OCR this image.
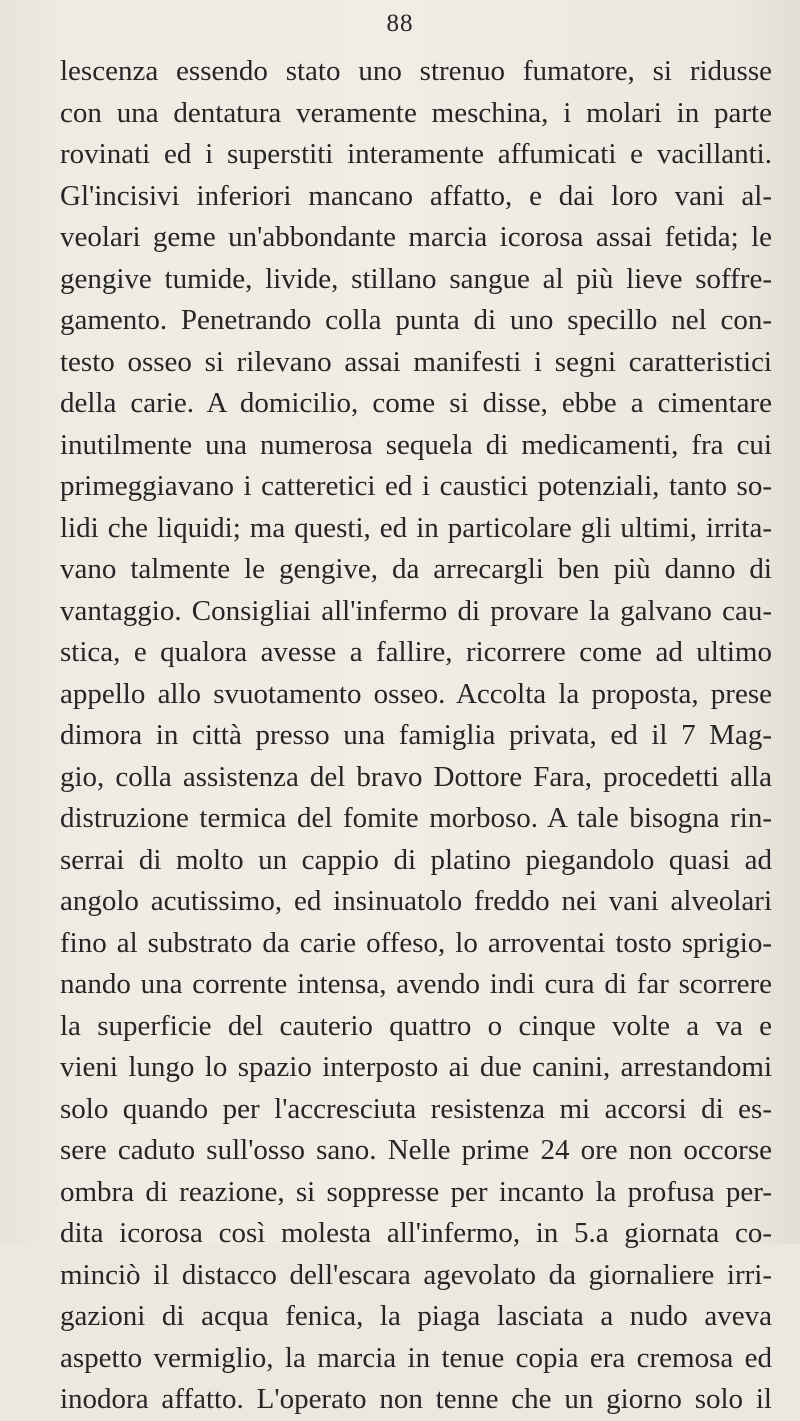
88
lescenza essendo stato uno strenuo fumatore, si ridusse
con una dentatura veramente meschina, i molari in parte
rovinati ed i superstiti interamente affumicati e vacillanti.
Gl'incisivi inferiori mancano affatto, e dai loro vani al-
veolari geme un'abbondante marcia icorosa assai fetida; le
gengive tumide, livide, stillano sangue al più lieve soffre-
gamento. Penetrando colla punta di uno specillo nel con-
testo osseo si rilevano assai manifesti i segni caratteristici
della carie. A domicilio, come si disse, ebbe a cimentare
inutilmente una numerosa sequela di medicamenti, fra cui
primeggiavano i catteretici ed i caustici potenziali, tanto so-
lidi che liquidi; ma questi, ed in particolare gli ultimi, irrita-
vano talmente le gengive, da arrecargli ben più danno di
vantaggio. Consigliai all'infermo di provare la galvano cau-
stica, e qualora avesse a fallire, ricorrere come ad ultimo
appello allo svuotamento osseo. Accolta la proposta, prese
dimora in città presso una famiglia privata, ed il 7 Mag-
gio, colla assistenza del bravo Dottore Fara, procedetti alla
distruzione termica del fomite morboso. A tale bisogna rin-
serrai di molto un cappio di platino piegandolo quasi ad
angolo acutissimo, ed insinuatolo freddo nei vani alveolari
fino al substrato da carie offeso, lo arroventai tosto sprigio-
nando una corrente intensa, avendo indi cura di far scorrere
la superficie del cauterio quattro o cinque volte a va e
vieni lungo lo spazio interposto ai due canini, arrestandomi
solo quando per l'accresciuta resistenza mi accorsi di es-
sere caduto sull'osso sano. Nelle prime 24 ore non occorse
ombra di reazione, si soppresse per incanto la profusa per-
dita icorosa così molesta all'infermo, in 5.a giornata co-
minciò il distacco dell'escara agevolato da giornaliere irri-
gazioni di acqua fenica, la piaga lasciata a nudo aveva
aspetto vermiglio, la marcia in tenue copia era cremosa ed
inodora affatto. L'operato non tenne che un giorno solo il
